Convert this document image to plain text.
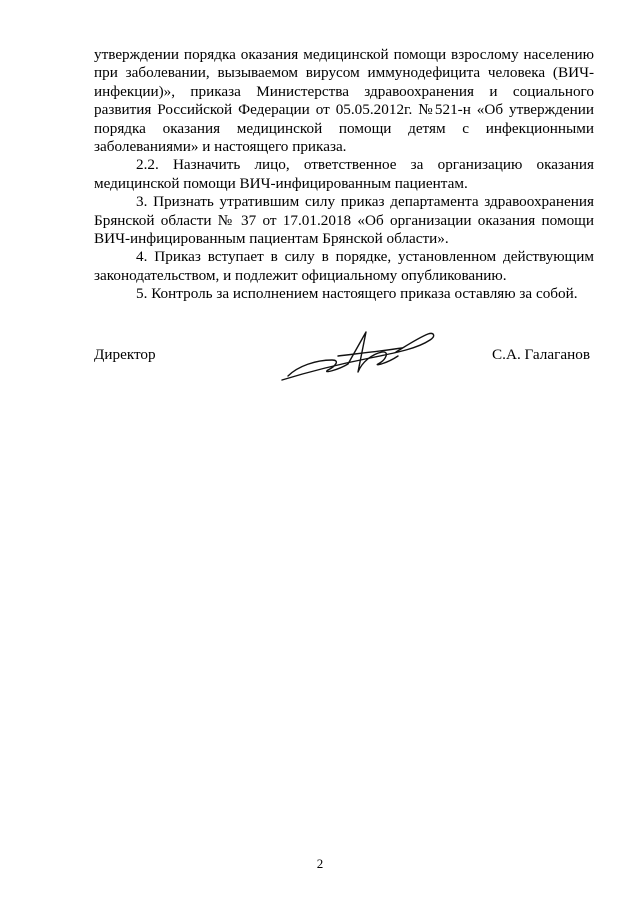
утверждении порядка оказания медицинской помощи взрослому населению при заболевании, вызываемом вирусом иммунодефицита человека (ВИЧ-инфекции)», приказа Министерства здравоохранения и социального развития Российской Федерации от 05.05.2012г. №521-н «Об утверждении порядка оказания медицинской помощи детям с инфекционными заболеваниями» и настоящего приказа.

2.2. Назначить лицо, ответственное за организацию оказания медицинской помощи ВИЧ-инфицированным пациентам.

3. Признать утратившим силу приказ департамента здравоохранения Брянской области № 37 от 17.01.2018 «Об организации оказания помощи ВИЧ-инфицированным пациентам Брянской области».

4. Приказ вступает в силу в порядке, установленном действующим законодательством, и подлежит официальному опубликованию.

5. Контроль за исполнением настоящего приказа оставляю за собой.

Директор	С.А. Галаганов
2
